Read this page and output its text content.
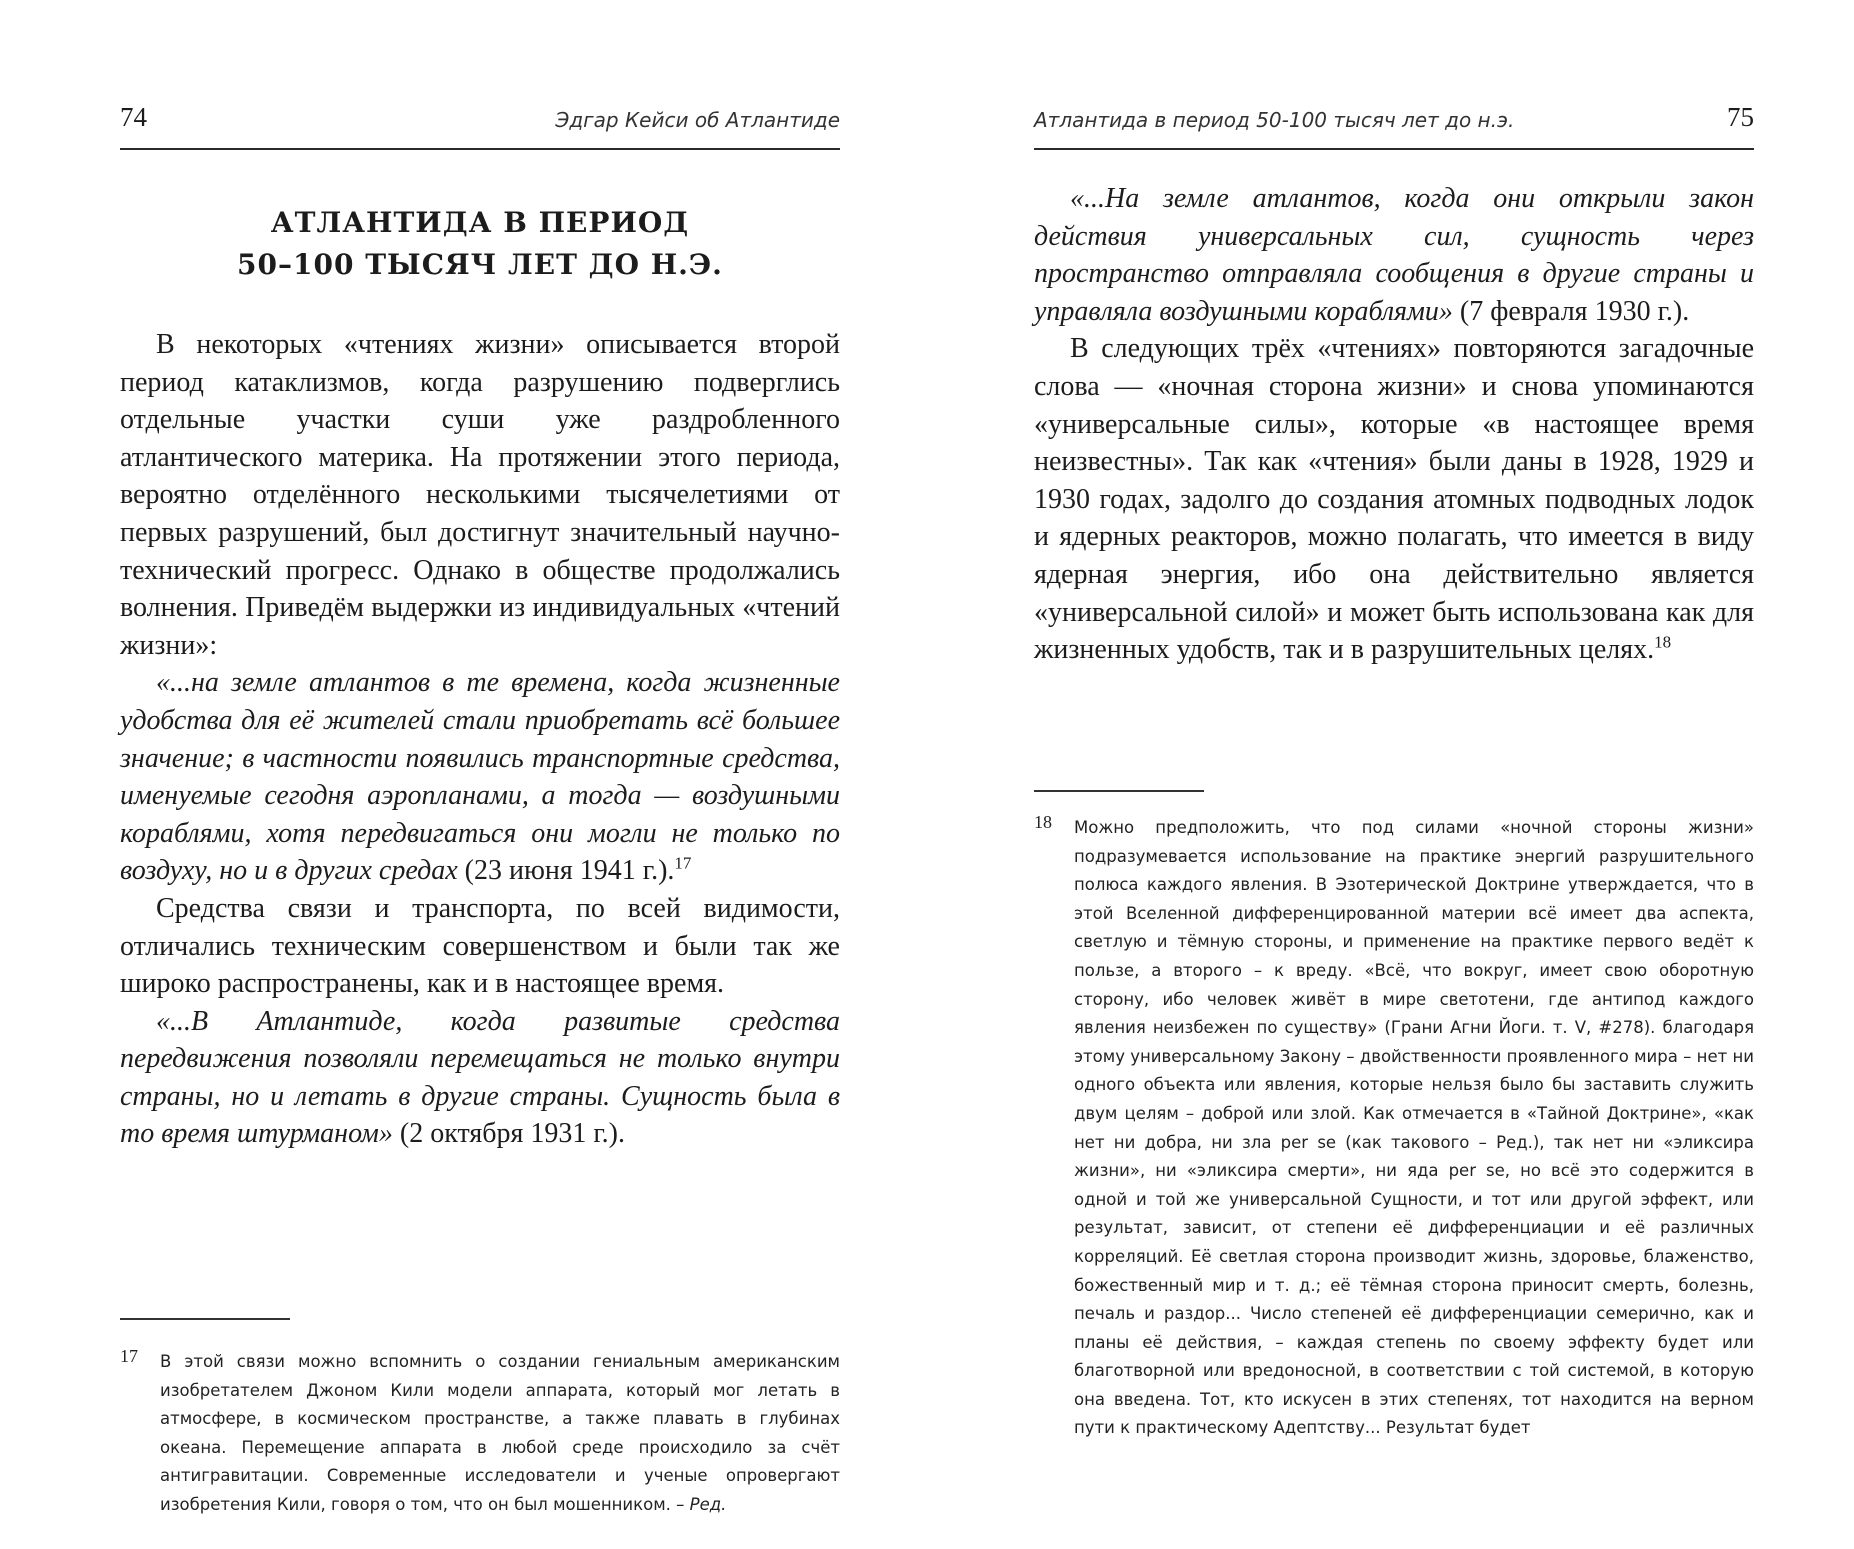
74	Эдгар Кейси об Атлантиде
АТЛАНТИДА В ПЕРИОД
50–100 ТЫСЯЧ ЛЕТ ДО Н.Э.

В некоторых «чтениях жизни» описывается второй период катаклизмов, когда разрушению подверглись отдельные участки суши уже раздробленного атлантического материка. На протяжении этого периода, вероятно отделённого несколькими тысячелетиями от первых разрушений, был достигнут значительный научно-технический прогресс. Однако в обществе продолжались волнения. Приведём выдержки из индивидуальных «чтений жизни»:

«...на земле атлантов в те времена, когда жизненные удобства для её жителей стали приобретать всё большее значение; в частности появились транспортные средства, именуемые сегодня аэропланами, а тогда — воздушными кораблями, хотя передвигаться они могли не только по воздуху, но и в других средах (23 июня 1941 г.).$^{17}$

Средства связи и транспорта, по всей видимости, отличались техническим совершенством и были так же широко распространены, как и в настоящее время.

«...В Атлантиде, когда развитые средства передвижения позволяли перемещаться не только внутри страны, но и летать в другие страны. Сущность была в то время штурманом» (2 октября 1931 г.).

17 В этой связи можно вспомнить о создании гениальным американским изобретателем Джоном Кили модели аппарата, который мог летать в атмосфере, в космическом пространстве, а также плавать в глубинах океана. Перемещение аппарата в любой среде происходило за счёт антигравитации. Современные исследователи и ученые опровергают изобретения Кили, говоря о том, что он был мошенником. – Ред.
Атлантида в период 50-100 тысяч лет до н.э.	75

«...На земле атлантов, когда они открыли закон действия универсальных сил, сущность через пространство отправляла сообщения в другие страны и управляла воздушными кораблями» (7 февраля 1930 г.).

В следующих трёх «чтениях» повторяются загадочные слова — «ночная сторона жизни» и снова упоминаются «универсальные силы», которые «в настоящее время неизвестны». Так как «чтения» были даны в 1928, 1929 и 1930 годах, задолго до создания атомных подводных лодок и ядерных реакторов, можно полагать, что имеется в виду ядерная энергия, ибо она действительно является «универсальной силой» и может быть использована как для жизненных удобств, так и в разрушительных целях.$^{18}$

18 Можно предположить, что под силами «ночной стороны жизни» подразумевается использование на практике энергий разрушительного полюса каждого явления. В Эзотерической Доктрине утверждается, что в этой Вселенной дифференцированной материи всё имеет два аспекта, светлую и тёмную стороны, и применение на практике первого ведёт к пользе, а второго – к вреду. «Всё, что вокруг, имеет свою оборотную сторону, ибо человек живёт в мире светотени, где антипод каждого явления неизбежен по существу» (Грани Агни Йоги. т. V, #278). благодаря этому универсальному Закону – двойственности проявленного мира – нет ни одного объекта или явления, которые нельзя было бы заставить служить двум целям – доброй или злой. Как отмечается в «Тайной Доктрине», «как нет ни добра, ни зла per se (как такового – Ред.), так нет ни «эликсира жизни», ни «эликсира смерти», ни яда per se, но всё это содержится в одной и той же универсальной Сущности, и тот или другой эффект, или результат, зависит, от степени её дифференциации и её различных корреляций. Её светлая сторона производит жизнь, здоровье, блаженство, божественный мир и т. д.; её тёмная сторона приносит смерть, болезнь, печаль и раздор... Число степеней её дифференциации семерично, как и планы её действия, – каждая степень по своему эффекту будет или благотворной или вредоносной, в соответствии с той системой, в которую она введена. Тот, кто искусен в этих степенях, тот находится на верном пути к практическому Адептству... Результат будет
